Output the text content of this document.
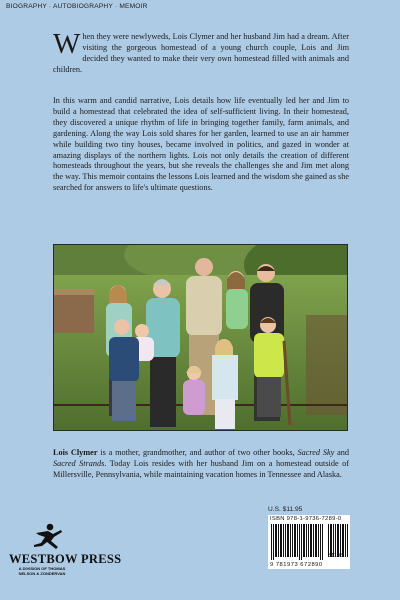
BIOGRAPHY · AUTOBIOGRAPHY · MEMOIR

When they were newlyweds, Lois Clymer and her husband Jim had a dream. After visiting the gorgeous homestead of a young church couple, Lois and Jim decided they wanted to make their very own homestead filled with animals and children.

In this warm and candid narrative, Lois details how life eventually led her and Jim to build a homestead that celebrated the idea of self-sufficient living. In their homestead, they discovered a unique rhythm of life in bringing together family, farm animals, and gardening. Along the way Lois sold shares for her garden, learned to use an air hammer while building two tiny houses, became involved in politics, and gazed in wonder at amazing displays of the northern lights. Lois not only details the creation of different homesteads throughout the years, but she reveals the challenges she and Jim met along the way. This memoir contains the lessons Lois learned and the wisdom she gained as she searched for answers to life's ultimate questions.

Lois Clymer is a mother, grandmother, and author of two other books, Sacred Sky and Sacred Strands. Today Lois resides with her husband Jim on a homestead outside of Millersville, Pennsylvania, while maintaining vacation homes in Tennessee and Alaska.

U.S. $11.95
ISBN 978-1-9736-7289-0
51195
9 781973 672890
WESTBOW PRESS
A DIVISION OF THOMAS NELSON & ZONDERVAN
